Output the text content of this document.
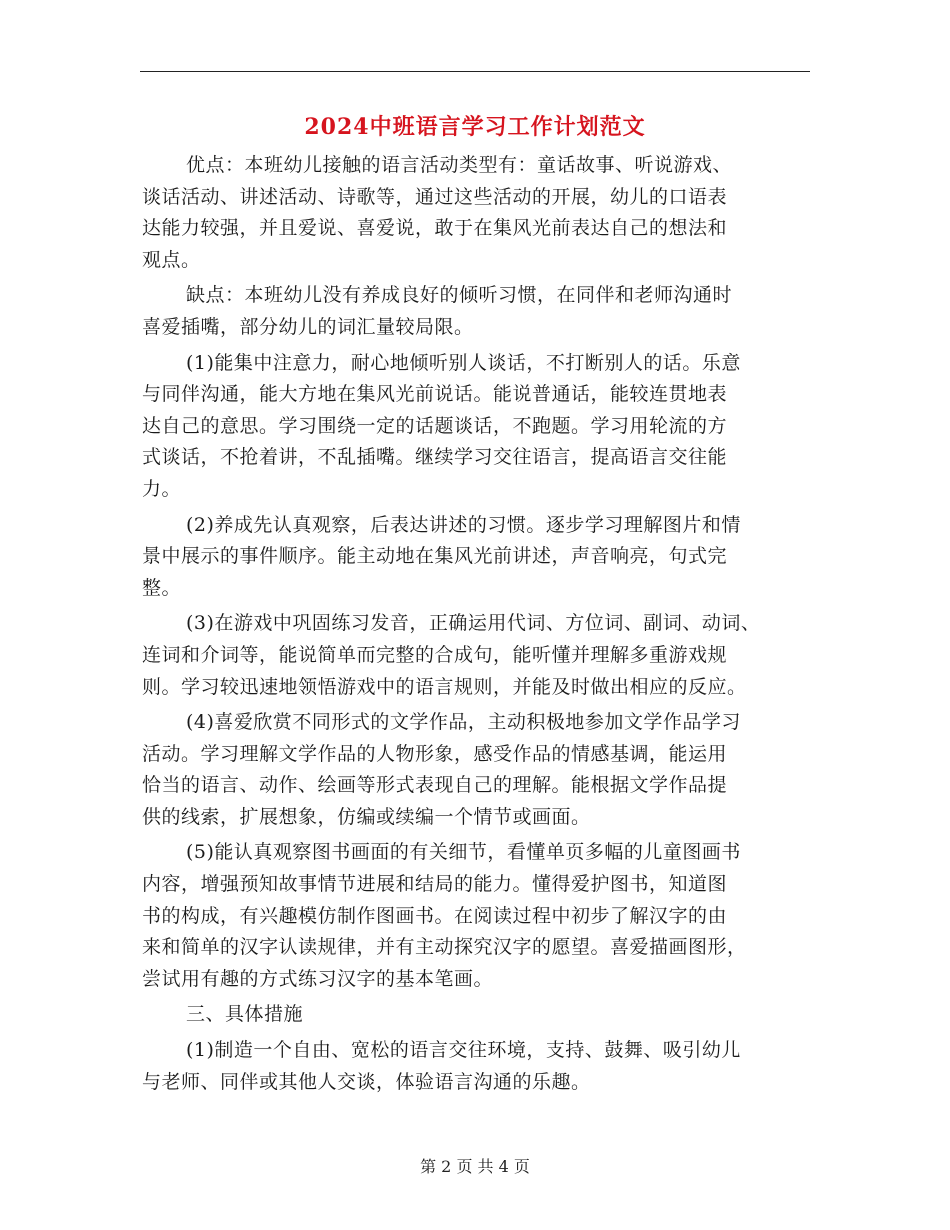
2024中班语言学习工作计划范文
优点：本班幼儿接触的语言活动类型有：童话故事、听说游戏、
谈话活动、讲述活动、诗歌等，通过这些活动的开展，幼儿的口语表
达能力较强，并且爱说、喜爱说，敢于在集风光前表达自己的想法和
观点。
缺点：本班幼儿没有养成良好的倾听习惯，在同伴和老师沟通时
喜爱插嘴，部分幼儿的词汇量较局限。
(1)能集中注意力，耐心地倾听别人谈话，不打断别人的话。乐意
与同伴沟通，能大方地在集风光前说话。能说普通话，能较连贯地表
达自己的意思。学习围绕一定的话题谈话，不跑题。学习用轮流的方
式谈话，不抢着讲，不乱插嘴。继续学习交往语言，提高语言交往能
力。
(2)养成先认真观察，后表达讲述的习惯。逐步学习理解图片和情
景中展示的事件顺序。能主动地在集风光前讲述，声音响亮，句式完
整。
(3)在游戏中巩固练习发音，正确运用代词、方位词、副词、动词、
连词和介词等，能说简单而完整的合成句，能听懂并理解多重游戏规
则。学习较迅速地领悟游戏中的语言规则，并能及时做出相应的反应。
(4)喜爱欣赏不同形式的文学作品，主动积极地参加文学作品学习
活动。学习理解文学作品的人物形象，感受作品的情感基调，能运用
恰当的语言、动作、绘画等形式表现自己的理解。能根据文学作品提
供的线索，扩展想象，仿编或续编一个情节或画面。
(5)能认真观察图书画面的有关细节，看懂单页多幅的儿童图画书
内容，增强预知故事情节进展和结局的能力。懂得爱护图书，知道图
书的构成，有兴趣模仿制作图画书。在阅读过程中初步了解汉字的由
来和简单的汉字认读规律，并有主动探究汉字的愿望。喜爱描画图形，
尝试用有趣的方式练习汉字的基本笔画。
三、具体措施
(1)制造一个自由、宽松的语言交往环境，支持、鼓舞、吸引幼儿
与老师、同伴或其他人交谈，体验语言沟通的乐趣。
第 2 页 共 4 页
